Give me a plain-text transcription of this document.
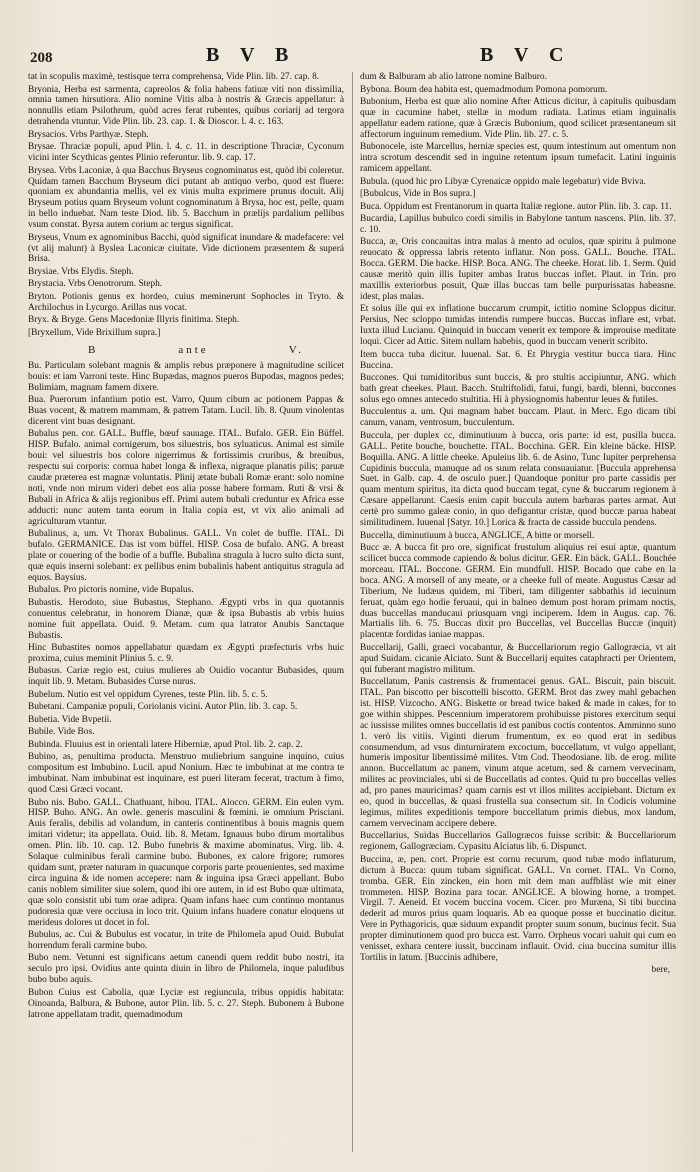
208	B V B	B V C

tat in scopulis maximè, testisque terra comprehensa, Vide Plin. lib. 27. cap. 8.

Bryonia, Herba est sarmenta, capreolos & folia habens fatiuæ viti non dissimilia, omnia tamen hirsutiora. Alio nomine Vitis alba à nostris & Græcis appellatur: à nonnullis etiam Psilothrum, quòd acres ferat rubentes, quibus coriarij ad tergora detrahenda vtuntur. Vide Plin. lib. 23. cap. 1. & Dioscor. l. 4. c. 163.

Brysacios. Vrbs Parthyæ. Steph.

Brysae. Thraciæ populi, apud Plin. l. 4. c. 11. in descriptione Thraciæ, Cyconum vicini inter Scythicas gentes Plinio referuntur. lib. 9. cap. 17.

Brysea. Vrbs Laconiæ, à qua Bacchus Bryseus cognominatus est, quòd ibi coleretur. Quidam tamen Bacchum Bryseum dici putant ab antiquo verbo, quod est fluere: quoniam ex abundantia mellis, vel ex vinis multa exprimere prunus docuit. Alij Bryseum potius quam Bryseum volunt cognominatum à Brysa, hoc est, pelle, quam in bello induebat. Nam teste Diod. lib. 5. Bacchum in prælijs pardalium pellibus vsum constat. Byrsa autem corium ac tergus significat.

Bryseus, Vnum ex agnominibus Bacchi, quòd significat inundare & madefacere: vel (vt alij malunt) à Byslea Laconicæ ciuitate. Vide dictionem præsentem & superá Brisa.

Brysiae. Vrbs Elydis. Steph.

Brystacia. Vrbs Oenotrorum. Steph.

Bryton. Potionis genus ex hordeo, cuius meminerunt Sophocles in Tryto. & Archilochus in Lycurgo. Arillas nus vocat.

Bryx. & Bryge. Gens Macedoniæ Illyris finitima. Steph.

[Bryxellum, Vide Brixillum supra.]

B	ante	V.

Bu. Particulam solebant magnis & amplis rebus præponere à magnitudine scilicet bouis: et iam Varroni teste. Hinc Bupædas, magnos pueros Bupodas, magnos pedes; Bulimiam, magnam famem dixere.

Bua. Puerorum infantium potio est. Varro, Quum cibum ac potionem Pappas & Buas vocent, & matrem mammam, & patrem Tatam. Lucil. lib. 8. Quum vinolentas dicerent vint buas designant.

Bubalus pen. cor. GALL. Buffle, bœuf sauuage. ITAL. Bufalo. GER. Ein Büffel. HISP. Bufalo. animal cornigerum, bos siluestris, bos syluaticus. Animal est simile boui: vel siluestris bos colore nigerrimus & fortissimis cruribus, & breuibus, respectu sui corporis: cornua habet longa & inflexa, nigraque planatis pilis; paruæ caudæ præterea est magnæ voluntatis. Plinij ætate bubali Romæ erant: solo nomine noti, vnde non mirum videri debet eos alia posse habere formam. Ruti & vrsi & Bubali in Africa & alijs regionibus eff. Primi autem bubali creduntur ex Africa esse adducti: nunc autem tanta eorum in Italia copia est, vt vix alio animali ad agriculturam vtantur.

Bubalinus, a, um. Vt Thorax Bubalinus. GALL. Vn colet de buffle. ITAL. Di bufalo. GERMANICE. Das ist vom büffel. HISP. Cosa de bufalo. ANG. A breast plate or couering of the bodie of a buffle. Bubalina stragula à lucro sulto dicta sunt, quæ equis inserni solebant: ex pellibus enim bubalinis habent antiquitus stragula ad equos. Baysius.

Bubalus. Pro pictoris nomine, vide Bupalus.

Bubastis. Herodoto, siue Bubastus, Stephano. Ægypti vrbs in qua quotannis conuentus celebratur, in honorem Dianæ, quæ & ipsa Bubastis ab vrbis huius nomine fuit appellata. Ouid. 9. Metam. cum qua latrator Anubis Sanctaque Bubastis.

Hinc Bubastites nomos appellabatur quædam ex Ægypti præfecturis vrbs huic proxima, cuius meminit Plinius 5. c. 9.

Bubasus. Cariæ regio est, cuius mulieres ab Ouidio vocantur Bubasides, quum inquit lib. 9. Metam. Bubasides Curse nurus.

Bubelum. Nutio est vel oppidum Cyrenes, teste Plin. lib. 5. c. 5.

Bubetani. Campaniæ populi, Coriolanis vicini. Autor Plin. lib. 3. cap. 5.

Bubetia. Vide Bvpetii.

Bubile. Vide Bos.

Bubinda. Fluuius est in orientali latere Hiberniæ, apud Ptol. lib. 2. cap. 2.

Bubino, as, penultima producta. Menstruo muliebrium sanguine inquino, cuius compositum est Imbubino. Lucil. apud Nonium. Hæc te imbubinat at me contra te imbubinat. Nam imbubinat est inquinare, est pueri literam fecerat, tractum à fimo, quod Cæsi Græci vocant.

Bubo nis. Bubo. GALL. Chathuant, hibou. ITAL. Alocco. GERM. Ein eulen vym. HISP. Buho. ANG. An owle. generis masculini & fœmini. ie omnium Prisciani. Auis feralis, debilis ad volandum, in canteris continentibus à bouis magnis quem imitari videtur; ita appellata. Ouid. lib. 8. Metam. Ignauus bubo dirum mortalibus omen. Plin. lib. 10. cap. 12. Bubo funebris & maxime abominatus. Virg. lib. 4. Solaque culminibus ferali carmine bubo. Bubones, ex calore frigore; rumores quidam sunt, præter naturam in quacunque corporis parte prouenientes, sed maxime circa inguina & ide nomen accepere: nam & inguina ipsa Græci appellant. Bubo canis noblem similiter siue solem, quod ibi ore autem, in id est Bubo quæ ultimata, quæ solo consistit ubi tum orae adipra. Quam infans haec cum continuo montanus pudoresia quæ vere occiusa in loco trit. Quium infans huadere conatur eloquens ut merideus dolores ut docet in fol.

Bubulus, ac. Cui & Bubulus est vocatur, in trite de Philomela apud Ouid. Bubulat horrendum ferali carmine bubo.

Bubo nem. Vetunni est significans aetum canendi quem reddit bubo nostri, ita seculo pro ipsi. Ovidius ante quinta diuin in libro de Philomela, inque paludibus bubo bubo aquis.

Bubon Cuius est Cabolia, quæ Lyciæ est regiuncula, tribus oppidis habitata: Oinoanda, Balbura, & Bubone, autor Plin. lib. 5. c. 27. Steph. Bubonem à Bubone latrone appellatam tradit, quemadmodum

dum & Balburam ab alio latrone nomine Balburo.

Bybona. Boum dea habita est, quemadmodum Pomona pomorum.

Bubonium, Herba est quæ alio nomine After Atticus dicitur, à capitulis quibusdam quæ in cacumine habet, stellæ in modum radiata. Latinus etiam inguinalis appellatur eadem ratione, quæ à Græcis Bubonium, quod scilicet præsentaneum sit affectorum inguinum remedium. Vide Plin. lib. 27. c. 5.

Bubonocele, iste Marcellus, herniæ species est, quum intestinum aut omentum non intra scrotum descendit sed in inguine retentum ipsum tumefacit. Latini inguinis ramicem appellant.

Bubula. (quod hic pro Libyæ Cyrenaicæ oppido male legebatur) vide Bviva.

[Bubulcus, Vide in Bos supra.]

Buca. Oppidum est Frentanorum in quarta Italiæ regione. autor Plin. lib. 3. cap. 11.

Bucardia, Lapillus bubulco cordi similis in Babylone tantum nascens. Plin. lib. 37. c. 10.

Bucca, æ, Oris concauitas intra malas à mento ad oculos, quæ spiritu à pulmone reuocato & oppressa labris retento inflatur. Non poss. GALL. Bouche. ITAL. Bocca. GERM. Die backe. HISP. Boca. ANG. The cheeke. Horat. lib. 1. Serm. Quid causæ meritò quin illis Iupiter ambas Iratus buccas inflet. Plaut. in Trin. pro maxillis exteriorbus posuit, Quæ illas buccas tam belle purpurissatas habeasne. idest, plas malas.

Et solus ille qui ex inflatione buccarum crumpit, ictitio nomine Scloppus dicitur. Persius, Nec scloppo tumidas intendis rumpere buccas. Buccas inflare est, vrbat. Iuxta illud Lucianu. Quinquid in buccam venerit ex tempore & improuise meditate loqui. Cicer ad Attic. Sitem nullam habebis, quod in buccam venerit scribito.

Item bucca tuba dicitur. Iuuenal. Sat. 6. Et Phrygia vestitur bucca tiara. Hinc Buccina.

Buccones. Qui tumiditoribus sunt buccis, & pro stultis accipiuntur, ANG. which bath great cheekes. Plaut. Bacch. Stultiftolidi, fatui, fungi, bardi, blenni, buccones solus ego omnes antecedo stultitia. Hi à physiognomis habentur leues & futiles.

Bucculentus a. um. Qui magnam habet buccam. Plaut. in Merc. Ego dicam tibi canum, vanam, ventrosum, bucculentum.

Buccula, per duplex cc, diminutiuum à bucca, oris parte: id est, pusilla bucca. GALL. Petite bouche, bouchette. ITAL. Bocchina. GER. Ein kleine bäcke. HISP. Boquilla. ANG. A little cheeke. Apuleius lib. 6. de Asino, Tunc Iupiter perprehensa Cupidinis buccula, manuque ad os suum relata consuauiatur. [Buccula apprehensa Suet. in Galb. cap. 4. de osculo puer.] Quandoque ponitur pro parte cassidis per quam mentum spiritus, ita dicta quod buccam tegat, cyne & buccarum regionem à Cæsare appellarunt. Caesis enim capit buccula autem barbaras partes armat. Aut certè pro summo galeæ conio, in quo defigantur cristæ, quod buccæ parua habeat similitudinem. Iuuenal [Satyr. 10.] Lorica & fracta de casside buccula pendens.

Buccella, diminutiuum à bucca, ANGLICE, A bitte or morsell.

Bucc æ. A bucca fit pro ore, significat frustulum aliquius rei esui aptæ, quantum scilicet bucca commode capiendo & bolus dicitur. GER. Ein bäck. GALL. Bouchée morceau. ITAL. Boccone. GERM. Ein mundfull. HISP. Bocado que cabe en la boca. ANG. A morsell of any meate, or a cheeke full of meate. Augustus Cæsar ad Tiberium, Ne Iudæus quidem, mi Tiberi, tam diligenter sabbathis id iecuinum feruat, quàm ego hodie feruaui, qui in balneo demum post horam primam noctis, duas buccellas manducaui priusquam vngi inciperem. Idem in Augus. cap. 76. Martialis lib. 6. 75. Buccas dixit pro Buccellas, vel Buccellas Buccæ (inquit) placentæ fordidas ianiae mappas.

Buccellarij, Galli, graeci vocabantur, & Buccellariorum regio Gallogræcia, vt ait apud Suidam. cicanie Alciato. Sunt & Buccellarij equites cataphracti per Orientem, qui fuberant magistro militum.

Buccellatum, Panis castrensis & frumentacei genus. GAL. Biscuit, pain biscuit. ITAL. Pan biscotto per biscottelli biscotto. GERM. Brot das zwey mahl gebachen ist. HISP. Vizcocho. ANG. Biskette or bread twice baked & made in cakes, for to goe within shippes. Pescennium imperatorem prohibuisse pistores exercitum sequi ac iussisse milites omnes buccellatis id est panibus coctis contentos. Amminno suno 1. verò lis vitiis. Viginti dierum frumentum, ex eo quod erat in sedibus consumendum, ad vsus dinturniratem excoctum, buccellatum, vt vulgo appellant, humeris impositur libentissimè milites. Vtm Cod. Theodosiane. lib. de erog. milite annon. Buccellatum ac panem, vinum atque acetum, sed & carnem vervecinam, milites ac provinciales, ubi si de Buccellatis ad contes. Quid tu pro buccellas velles ad, pro panes mauricimas? quam carnis est vt illos milites accipiebant. Dictum ex eo, quod in buccellas, & quasi frustella sua consectum sit. In Codicis volumine legimus, milites expeditionis tempore buccellatum primis diebus, mox landum, carnem vervecinam accipere debere.

Buccellarius, Suidas Buccellarios Gallogræcos fuisse scribit: & Buccellariorum regionem, Gallogræciam. Cypasitu Alciatus lib. 6. Dispunct.

Buccina, æ, pen. cort. Proprie est cornu recurum, quod tubæ modo inflaturum, dictum à Bucca: quum tubam significat. GALL. Vn cornet. ITAL. Vn Corno, tromba. GER. Ein zincken, ein horn mit dem man auffbläst wie mit einer trommeten. HISP. Bozina para tocar. ANGLICE. A blowing horne, a trompet. Virgil. 7. Aeneid. Et vocem buccina vocem. Cicer. pro Muræna, Si tibi buccina dederit ad muros prius quam loquaris. Ab ea quoque posse et buccinatio dicitur. Vere in Pythagoricis, quæ siduum expandit propter suum sonum, bucinus fecit. Sua propter diminutionem quod pro bucca est. Varro. Orpheus vocari ualuit qui cum eo venisset, exhara centere iussit, buccinam inflauit. Ovid. ciua buccina sumitur illis Tortilis in latum. [Buccinis adhibere,

bere,
